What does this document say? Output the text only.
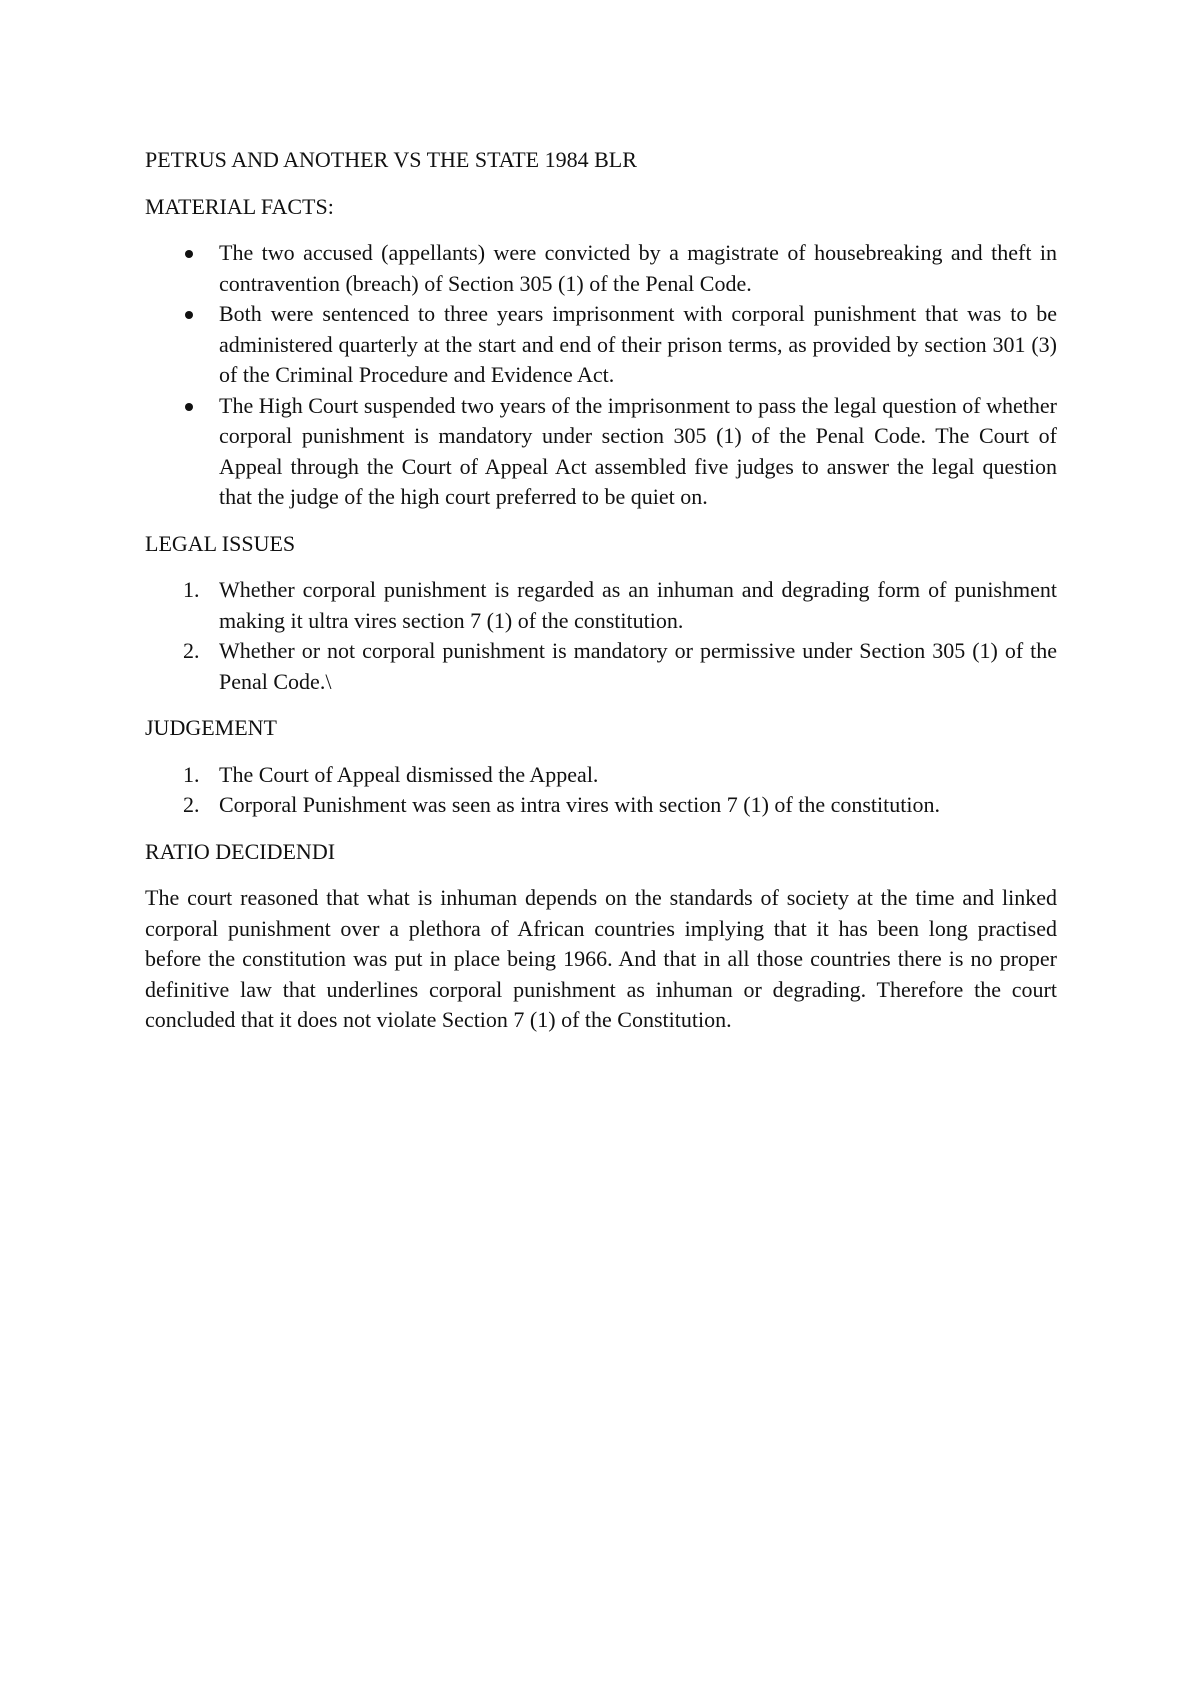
PETRUS AND ANOTHER VS THE STATE 1984 BLR
MATERIAL FACTS:
The two accused (appellants) were convicted by a magistrate of housebreaking and theft in contravention (breach) of Section 305 (1) of the Penal Code.
Both were sentenced to three years imprisonment with corporal punishment that was to be administered quarterly at the start and end of their prison terms, as provided by section 301 (3) of the Criminal Procedure and Evidence Act.
The High Court suspended two years of the imprisonment to pass the legal question of whether corporal punishment is mandatory under section 305 (1) of the Penal Code. The Court of Appeal through the Court of Appeal Act assembled five judges to answer the legal question that the judge of the high court preferred to be quiet on.
LEGAL ISSUES
1. Whether corporal punishment is regarded as an inhuman and degrading form of punishment making it ultra vires section 7 (1) of the constitution.
2. Whether or not corporal punishment is mandatory or permissive under Section 305 (1) of the Penal Code.\
JUDGEMENT
1. The Court of Appeal dismissed the Appeal.
2. Corporal Punishment was seen as intra vires with section 7 (1) of the constitution.
RATIO DECIDENDI

The court reasoned that what is inhuman depends on the standards of society at the time and linked corporal punishment over a plethora of African countries implying that it has been long practised before the constitution was put in place being 1966. And that in all those countries there is no proper definitive law that underlines corporal punishment as inhuman or degrading. Therefore the court concluded that it does not violate Section 7 (1) of the Constitution.
